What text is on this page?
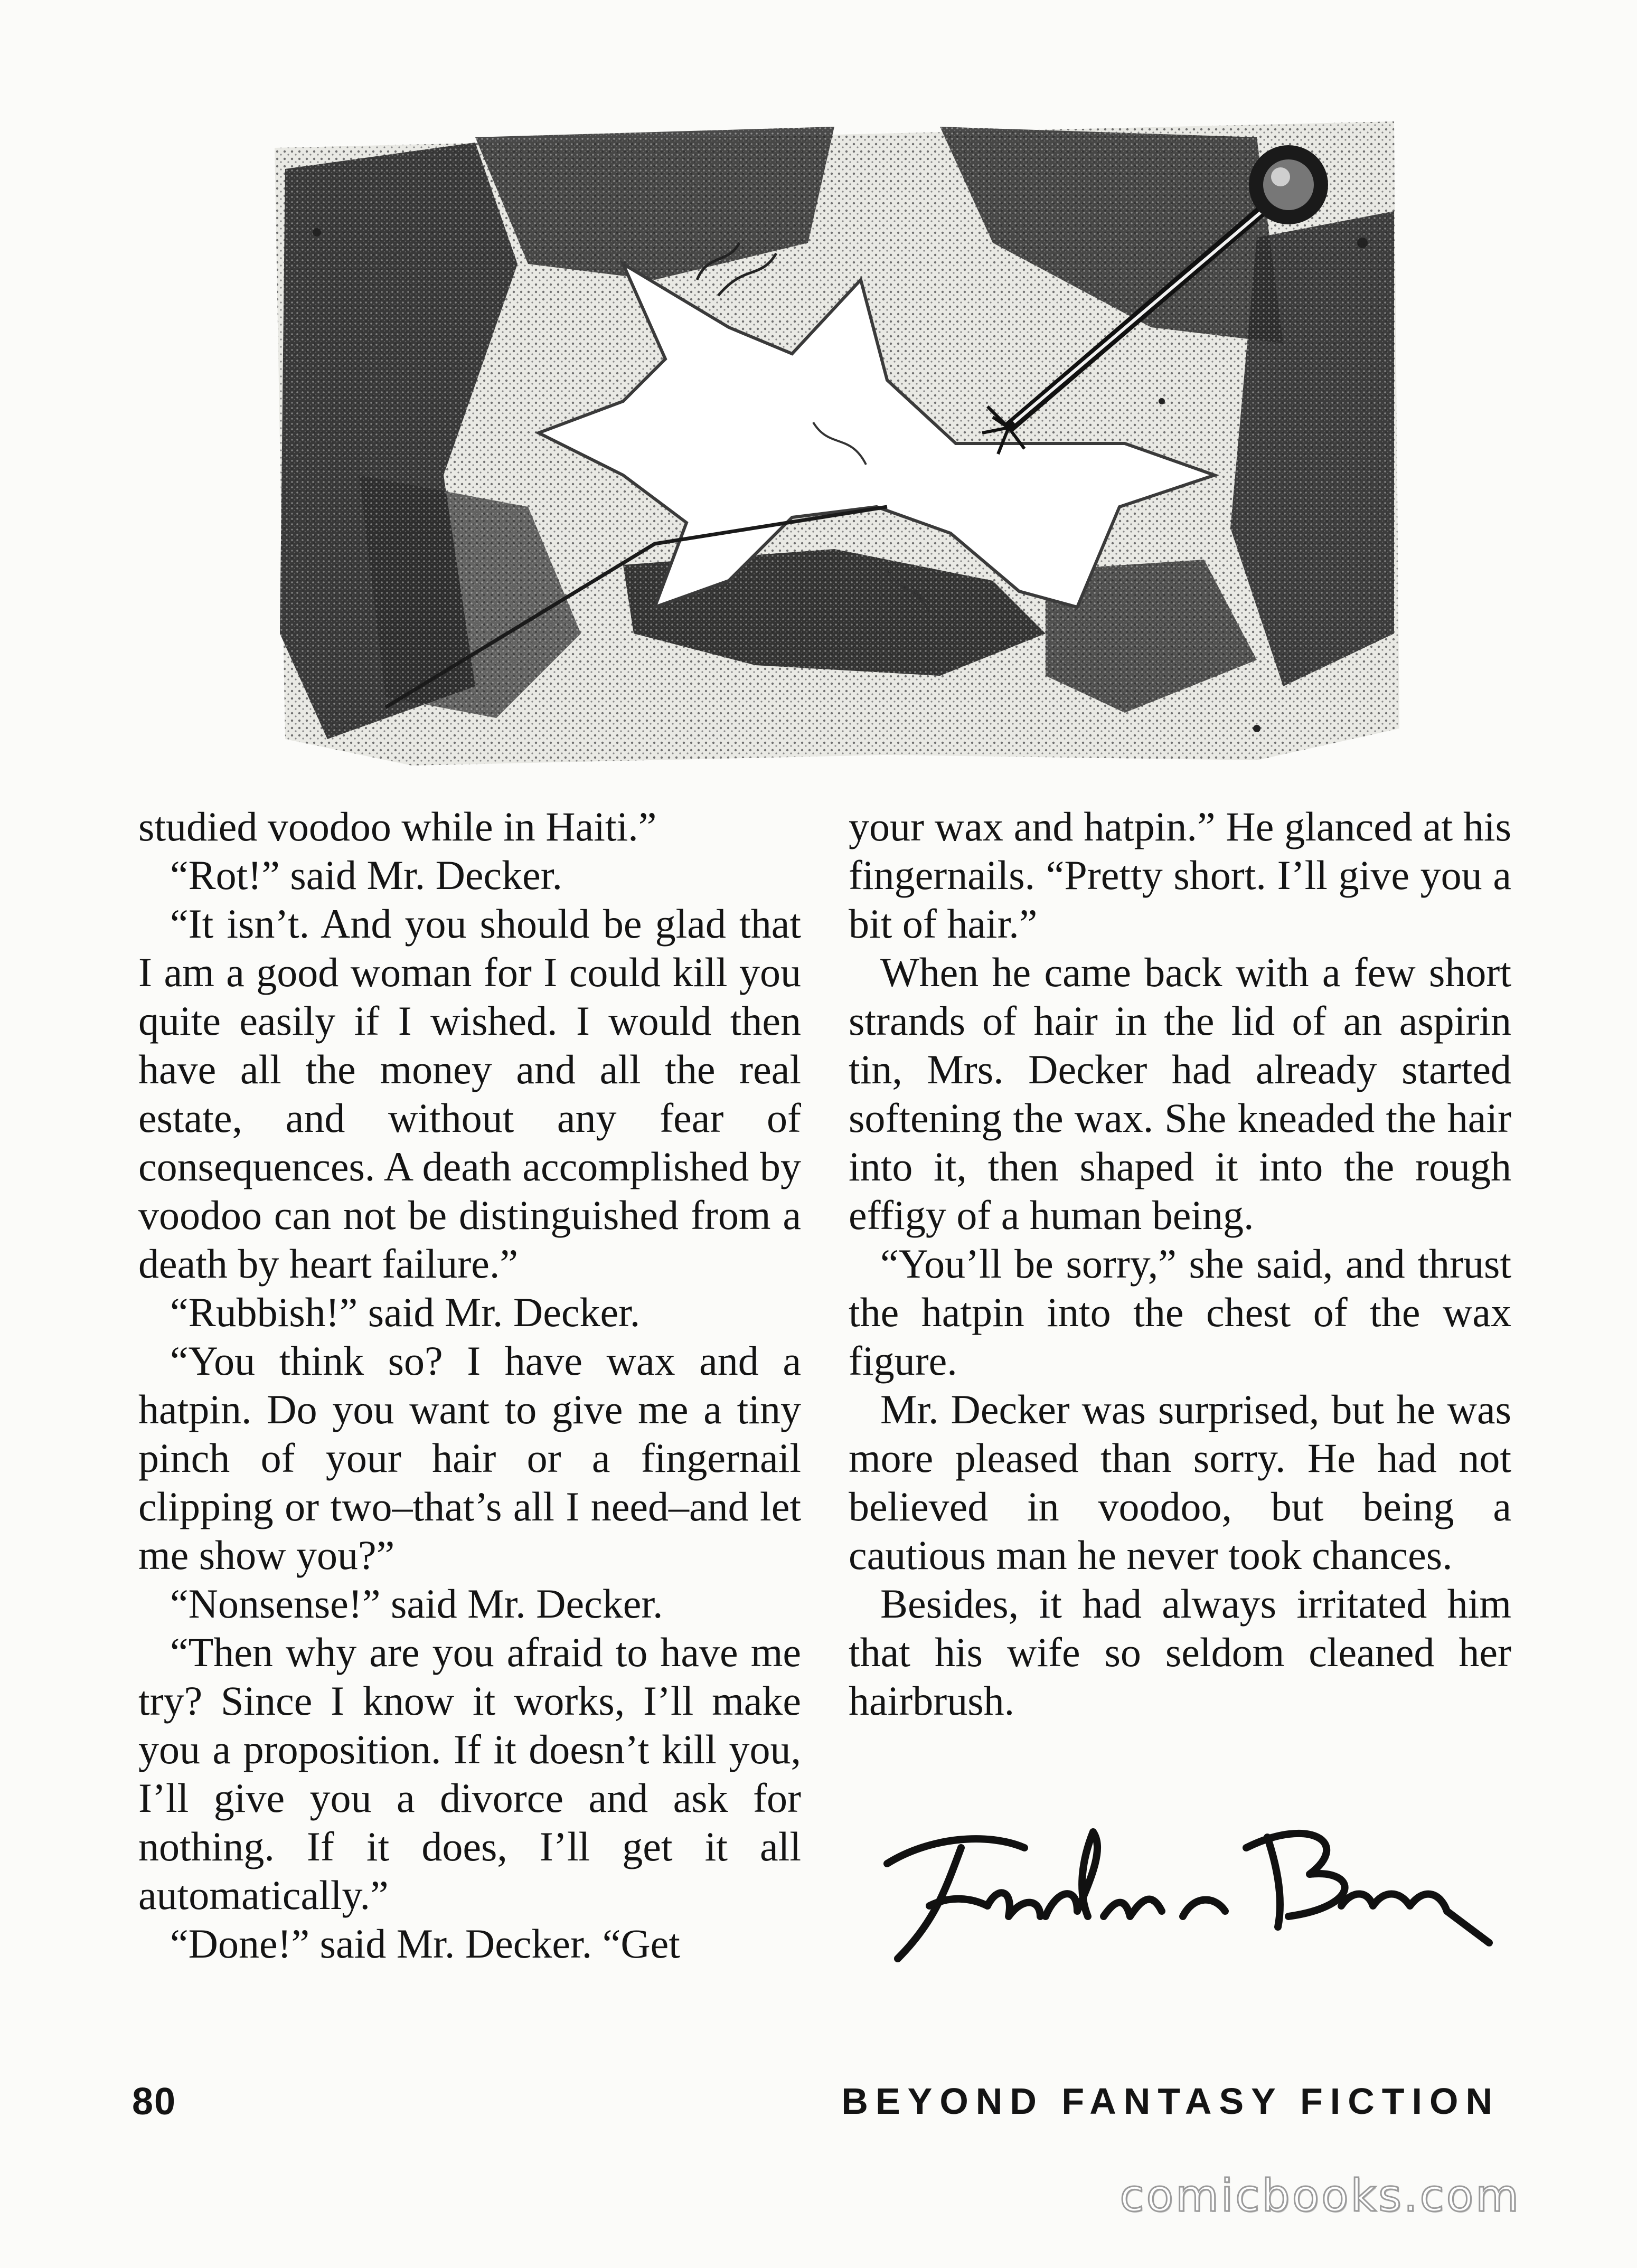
studied voodoo while in Haiti.”

“Rot!” said Mr. Decker.

“It isn’t. And you should be glad that I am a good woman for I could kill you quite easily if I wished. I would then have all the money and all the real estate, and without any fear of consequences. A death accomplished by voodoo can not be distinguished from a death by heart failure.”

“Rubbish!” said Mr. Decker.

“You think so? I have wax and a hatpin. Do you want to give me a tiny pinch of your hair or a fingernail clipping or two–that’s all I need–and let me show you?”

“Nonsense!” said Mr. Decker.

“Then why are you afraid to have me try? Since I know it works, I’ll make you a proposition. If it doesn’t kill you, I’ll give you a divorce and ask for nothing. If it does, I’ll get it all automatically.”

“Done!” said Mr. Decker. “Get

your wax and hatpin.” He glanced at his fingernails. “Pretty short. I’ll give you a bit of hair.”

When he came back with a few short strands of hair in the lid of an aspirin tin, Mrs. Decker had already started softening the wax. She kneaded the hair into it, then shaped it into the rough effigy of a human being.

“You’ll be sorry,” she said, and thrust the hatpin into the chest of the wax figure.

Mr. Decker was surprised, but he was more pleased than sorry. He had not believed in voodoo, but being a cautious man he never took chances.

Besides, it had always irritated him that his wife so seldom cleaned her hairbrush.

80	BEYOND FANTASY FICTION
comicbooks.com
